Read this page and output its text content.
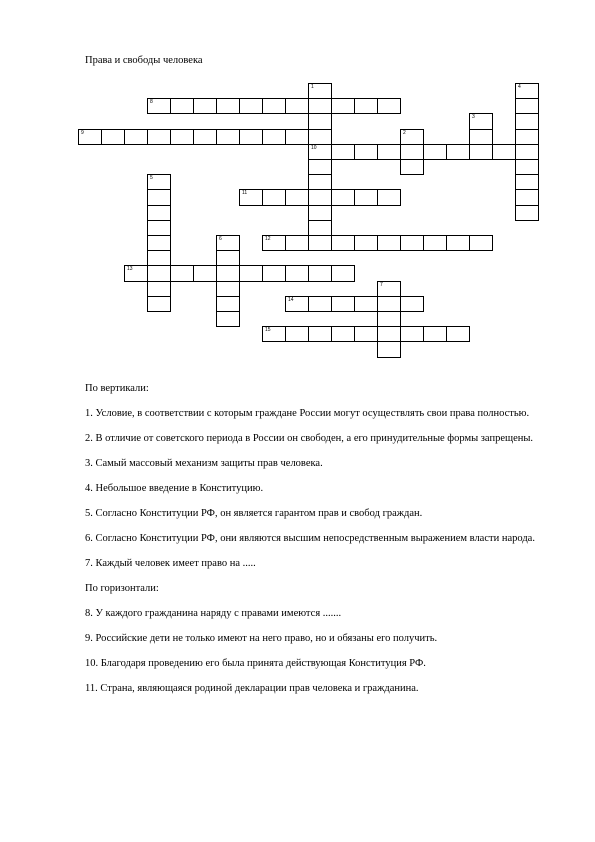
Права и свободы человека
1
10
2
3
4
5
6
7
8
9
11
12
13
14
15

По вертикали:

1. Условие, в соответствии с которым граждане России могут осуществлять свои права полностью.

2. В отличие от советского периода в России он свободен, а его принудительные формы запрещены.

3. Самый массовый механизм защиты прав человека.

4. Небольшое введение в Конституцию.

5. Согласно Конституции РФ, он является гарантом прав и свобод граждан.

6. Согласно Конституции РФ, они являются высшим непосредственным выражением власти народа.

7. Каждый человек имеет право на .....

По горизонтали:

8. У каждого гражданина наряду с правами имеются .......

9. Российские дети не только имеют на него право, но и обязаны его получить.

10. Благодаря проведению его была принята действующая Конституция РФ.

11. Страна, являющаяся родиной декларации прав человека и гражданина.
